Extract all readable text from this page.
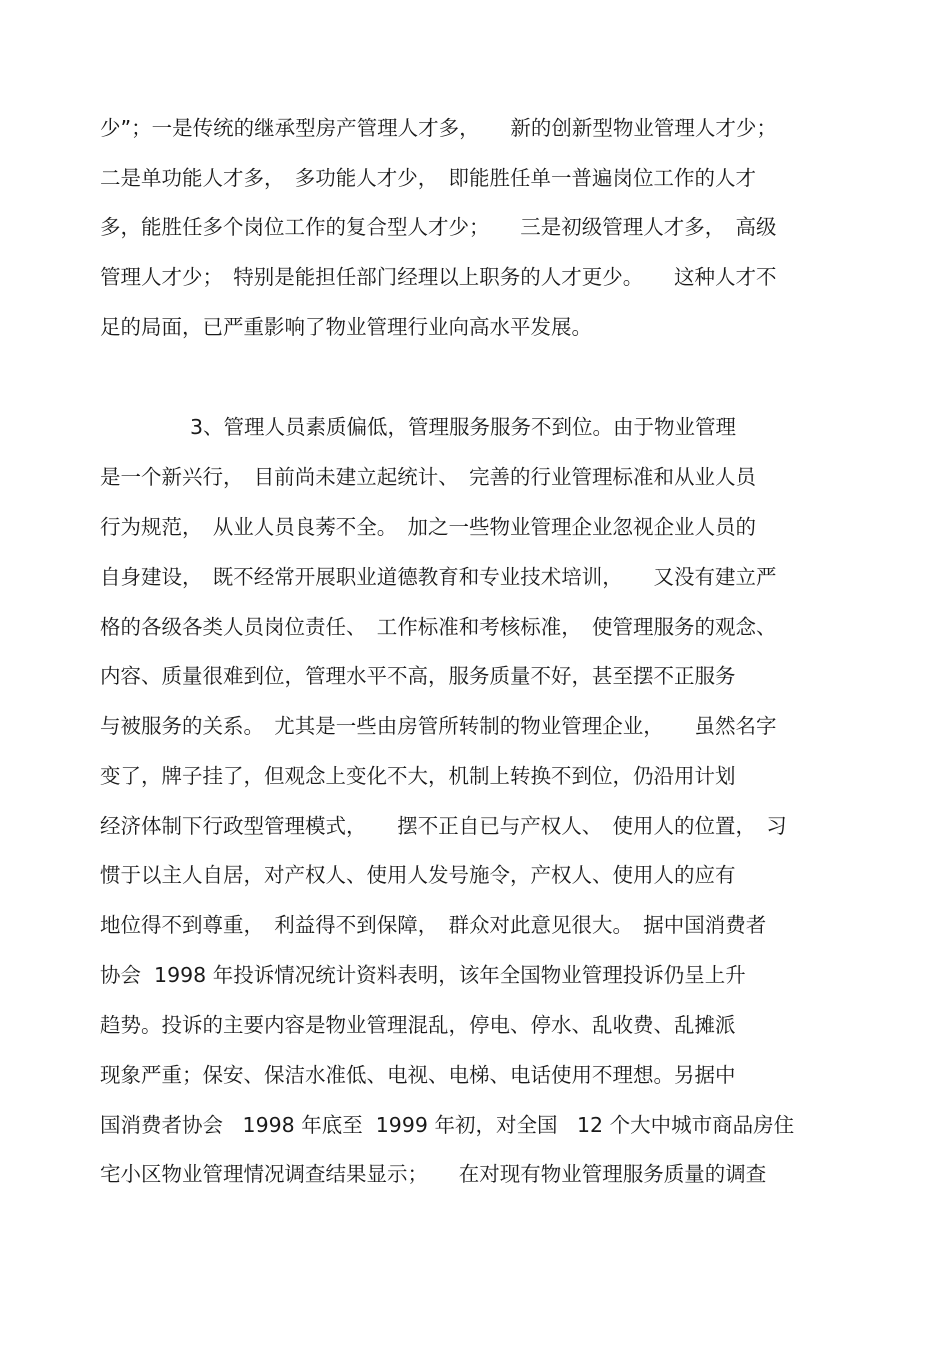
少”；一是传统的继承型房产管理人才多，　　新的创新型物业管理人才少；

二是单功能人才多，　多功能人才少，　即能胜任单一普遍岗位工作的人才

多，能胜任多个岗位工作的复合型人才少；　　三是初级管理人才多，　高级

管理人才少；　特别是能担任部门经理以上职务的人才更少。　　这种人才不

足的局面，已严重影响了物业管理行业向高水平发展。

3、管理人员素质偏低，管理服务服务不到位。由于物业管理

是一个新兴行，　目前尚未建立起统计、　完善的行业管理标准和从业人员

行为规范，　从业人员良莠不全。　加之一些物业管理企业忽视企业人员的

自身建设，　既不经常开展职业道德教育和专业技术培训，　　又没有建立严

格的各级各类人员岗位责任、　工作标准和考核标准，　使管理服务的观念、

内容、质量很难到位，管理水平不高，服务质量不好，甚至摆不正服务

与被服务的关系。　尤其是一些由房管所转制的物业管理企业，　　虽然名字

变了，牌子挂了，但观念上变化不大，机制上转换不到位，仍沿用计划

经济体制下行政型管理模式，　　摆不正自已与产权人、　使用人的位置，　习

惯于以主人自居，对产权人、使用人发号施令，产权人、使用人的应有

地位得不到尊重，　利益得不到保障，　群众对此意见很大。　据中国消费者

协会  1998 年投诉情况统计资料表明，该年全国物业管理投诉仍呈上升

趋势。投诉的主要内容是物业管理混乱，停电、停水、乱收费、乱摊派

现象严重；保安、保洁水准低、电视、电梯、电话使用不理想。另据中

国消费者协会   1998 年底至  1999 年初，对全国   12 个大中城市商品房住

宅小区物业管理情况调查结果显示；　　在对现有物业管理服务质量的调查
